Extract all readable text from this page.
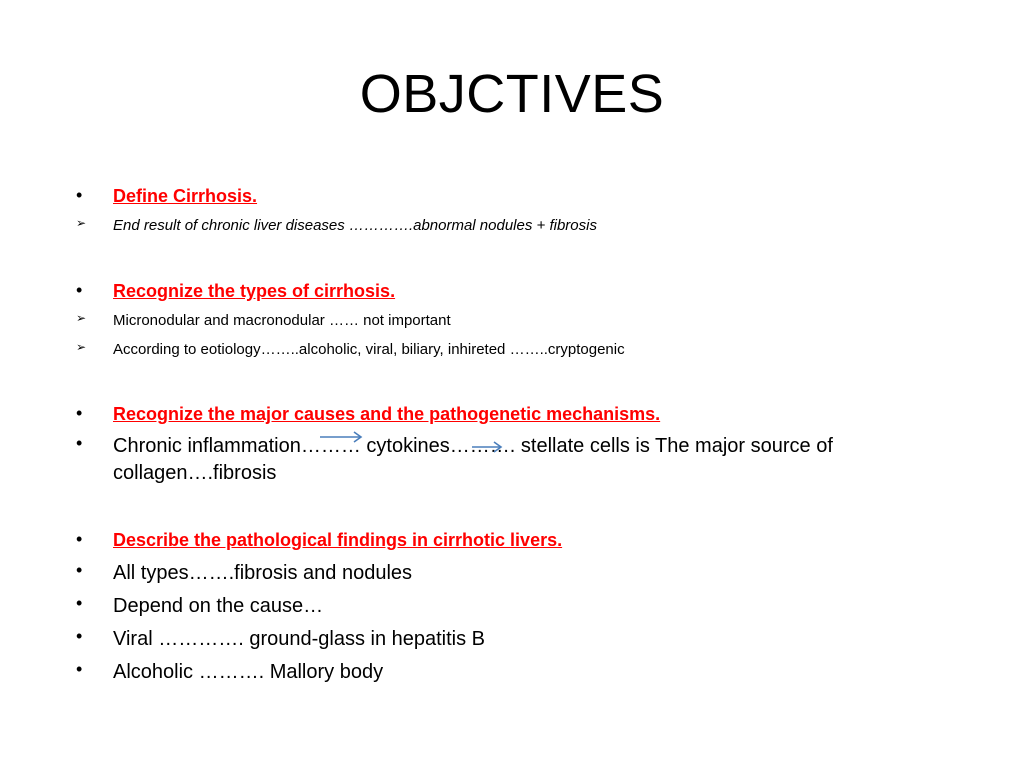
OBJCTIVES
• Define Cirrhosis.
➢ End result of chronic liver diseases ………….abnormal nodules + fibrosis
• Recognize the types of cirrhosis.
➢ Micronodular and macronodular …… not important
➢ According to eotiology……..alcoholic, viral, biliary, inhireted ……..cryptogenic
• Recognize the major causes and the pathogenetic mechanisms.
• Chronic inflammation……… cytokines………. stellate cells is The major source of collagen….fibrosis
• Describe the pathological findings in cirrhotic livers.
• All types…….fibrosis and nodules
• Depend on the cause…
• Viral …………. ground-glass in hepatitis B
• Alcoholic ………. Mallory body
